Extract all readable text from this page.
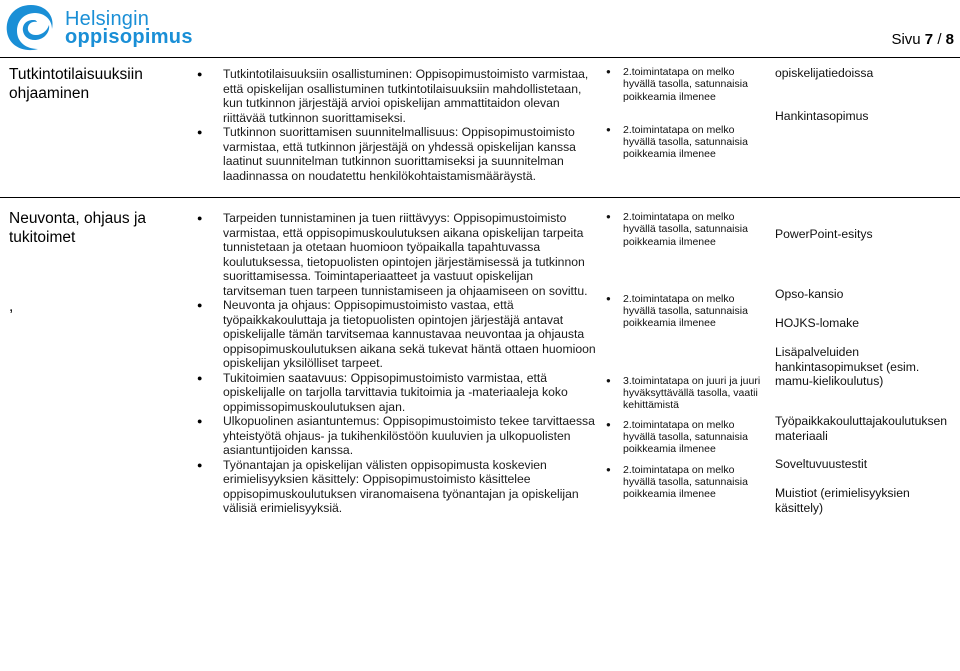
Helsingin
oppisopimus	Sivu 7 / 8
Tutkintotilaisuuksiin ohjaaminen
● Tutkintotilaisuuksiin osallistuminen: Oppisopimustoimisto varmistaa, että opiskelijan osallistuminen tutkintotilaisuuksiin mahdollistetaan, kun tutkinnon järjestäjä arvioi opiskelijan ammattitaidon olevan riittävää tutkinnon suorittamiseksi.
● Tutkinnon suorittamisen suunnitelmallisuus: Oppisopimustoimisto varmistaa, että tutkinnon järjestäjä on yhdessä opiskelijan kanssa laatinut suunnitelman tutkinnon suorittamiseksi ja suunnitelman laadinnassa on noudatettu henkilökohtaistamismääräystä.
● 2.toimintatapa on melko hyvällä tasolla, satunnaisia poikkeamia ilmenee
● 2.toimintatapa on melko hyvällä tasolla, satunnaisia poikkeamia ilmenee

opiskelijatiedoissa

Hankintasopimus

Neuvonta, ohjaus ja tukitoimet
,
● Tarpeiden tunnistaminen ja tuen riittävyys: Oppisopimustoimisto varmistaa, että oppisopimuskoulutuksen aikana opiskelijan tarpeita tunnistetaan ja otetaan huomioon työpaikalla tapahtuvassa koulutuksessa, tietopuolisten opintojen järjestämisessä ja tutkinnon suorittamisessa. Toimintaperiaatteet ja vastuut opiskelijan tarvitseman tuen tarpeen tunnistamiseen ja ohjaamiseen on sovittu.
● Neuvonta ja ohjaus: Oppisopimustoimisto vastaa, että työpaikkakouluttaja ja tietopuolisten opintojen järjestäjä antavat opiskelijalle tämän tarvitsemaa kannustavaa neuvontaa ja ohjausta oppisopimuskoulutuksen aikana sekä tukevat häntä ottaen huomioon opiskelijan yksilölliset tarpeet.
● Tukitoimien saatavuus: Oppisopimustoimisto varmistaa, että opiskelijalle on tarjolla tarvittavia tukitoimia ja -materiaaleja koko oppimissopimuskoulutuksen ajan.
● Ulkopuolinen asiantuntemus: Oppisopimustoimisto tekee tarvittaessa yhteistyötä ohjaus- ja tukihenkilöstöön kuuluvien ja ulkopuolisten asiantuntijoiden kanssa.
● Työnantajan ja opiskelijan välisten oppisopimusta koskevien erimielisyyksien käsittely: Oppisopimustoimisto käsittelee oppisopimuskoulutuksen viranomaisena työnantajan ja opiskelijan välisiä erimielisyyksiä.
● 2.toimintatapa on melko hyvällä tasolla, satunnaisia poikkeamia ilmenee
● 2.toimintatapa on melko hyvällä tasolla, satunnaisia poikkeamia ilmenee
● 3.toimintatapa on juuri ja juuri hyväksyttävällä tasolla, vaatii kehittämistä
● 2.toimintatapa on melko hyvällä tasolla, satunnaisia poikkeamia ilmenee
● 2.toimintatapa on melko hyvällä tasolla, satunnaisia poikkeamia ilmenee

PowerPoint-esitys

Opso-kansio

HOJKS-lomake

Lisäpalveluiden hankintasopimukset (esim. mamu-kielikoulutus)

Työpaikkakouluttajakoulutuksen materiaali

Soveltuvuustestit

Muistiot (erimielisyyksien käsittely)
